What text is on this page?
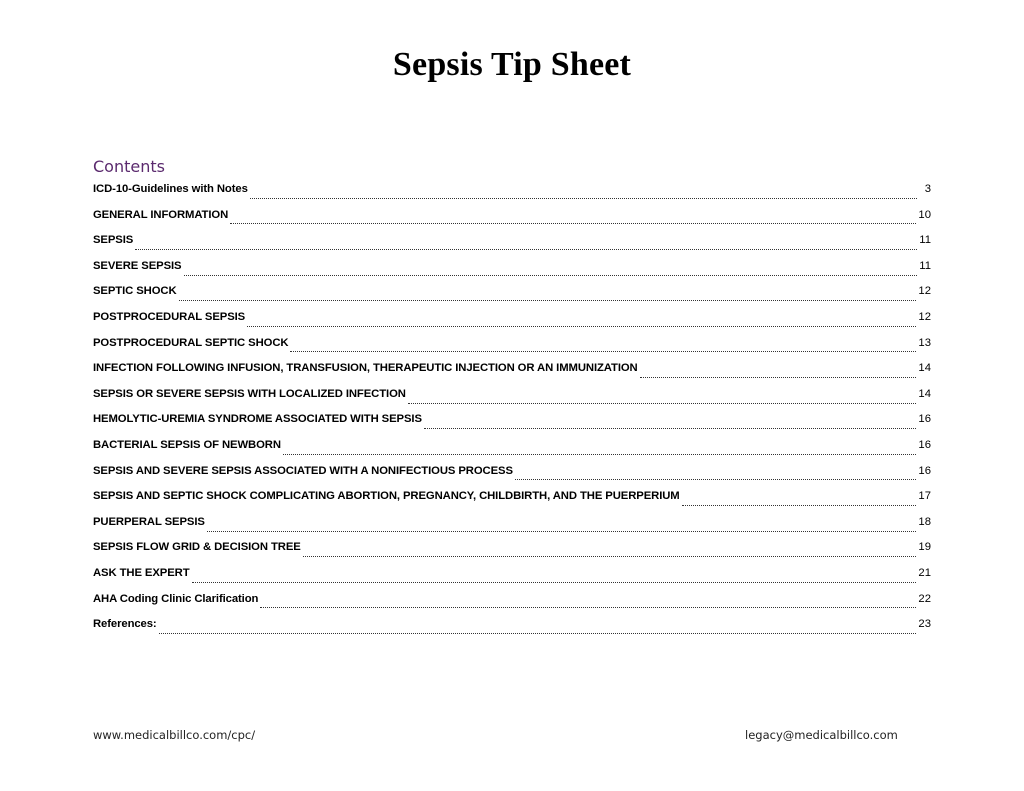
Sepsis Tip Sheet
Contents
ICD-10-Guidelines with Notes	3
GENERAL INFORMATION	10
SEPSIS	11
SEVERE SEPSIS	11
SEPTIC SHOCK	12
POSTPROCEDURAL SEPSIS	12
POSTPROCEDURAL SEPTIC SHOCK	13
INFECTION FOLLOWING INFUSION, TRANSFUSION, THERAPEUTIC INJECTION OR AN IMMUNIZATION	14
SEPSIS OR SEVERE SEPSIS WITH LOCALIZED INFECTION	14
HEMOLYTIC-UREMIA SYNDROME ASSOCIATED WITH SEPSIS	16
BACTERIAL SEPSIS OF NEWBORN	16
SEPSIS AND SEVERE SEPSIS ASSOCIATED WITH A NONIFECTIOUS PROCESS	16
SEPSIS AND SEPTIC SHOCK COMPLICATING ABORTION, PREGNANCY, CHILDBIRTH, AND THE PUERPERIUM	17
PUERPERAL SEPSIS	18
SEPSIS FLOW GRID & DECISION TREE	19
ASK THE EXPERT	21
AHA Coding Clinic Clarification	22
References:	23
www.medicalbillco.com/cpc/	legacy@medicalbillco.com
